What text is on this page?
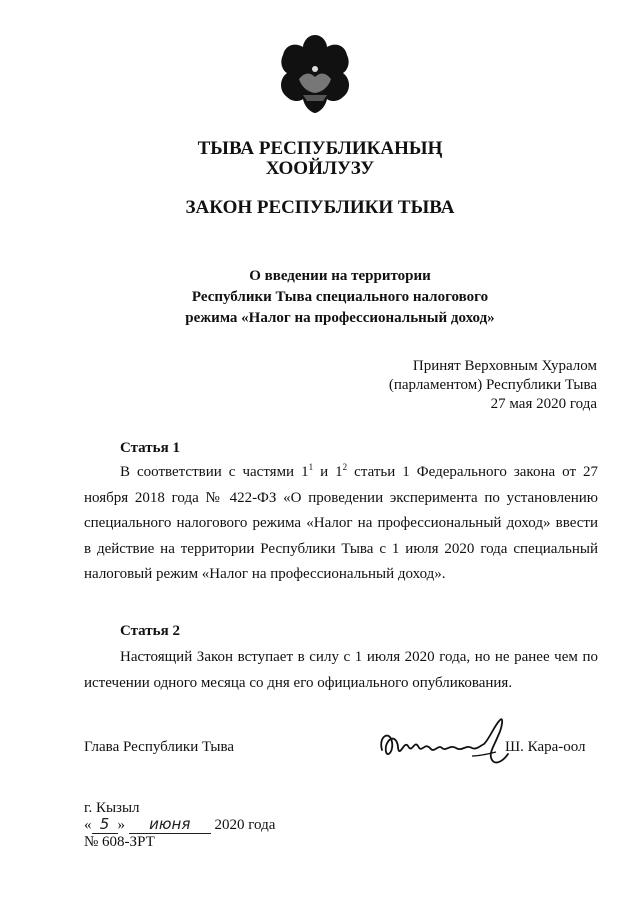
ТЫВА РЕСПУБЛИКАНЫҢ
ХООЙЛУЗУ
ЗАКОН РЕСПУБЛИКИ ТЫВА
О введении на территории
Республики Тыва специального налогового
режима «Налог на профессиональный доход»
Принят Верховным Хуралом
(парламентом) Республики Тыва
27 мая 2020 года
Статья 1
В соответствии с частями $1^1$ и $1^2$ статьи 1 Федерального закона от 27 ноября 2018 года № 422-ФЗ «О проведении эксперимента по установлению специального налогового режима «Налог на профессиональный доход» ввести в действие на территории Республики Тыва с 1 июля 2020 года специальный налоговый режим «Налог на профессиональный доход».
Статья 2
Настоящий Закон вступает в силу с 1 июля 2020 года, но не ранее чем по истечении одного месяца со дня его официального опубликования.
Глава Республики Тыва	Ш. Кара-оол
г. Кызыл
« 5 » июня 2020 года
№ 608-ЗРТ
